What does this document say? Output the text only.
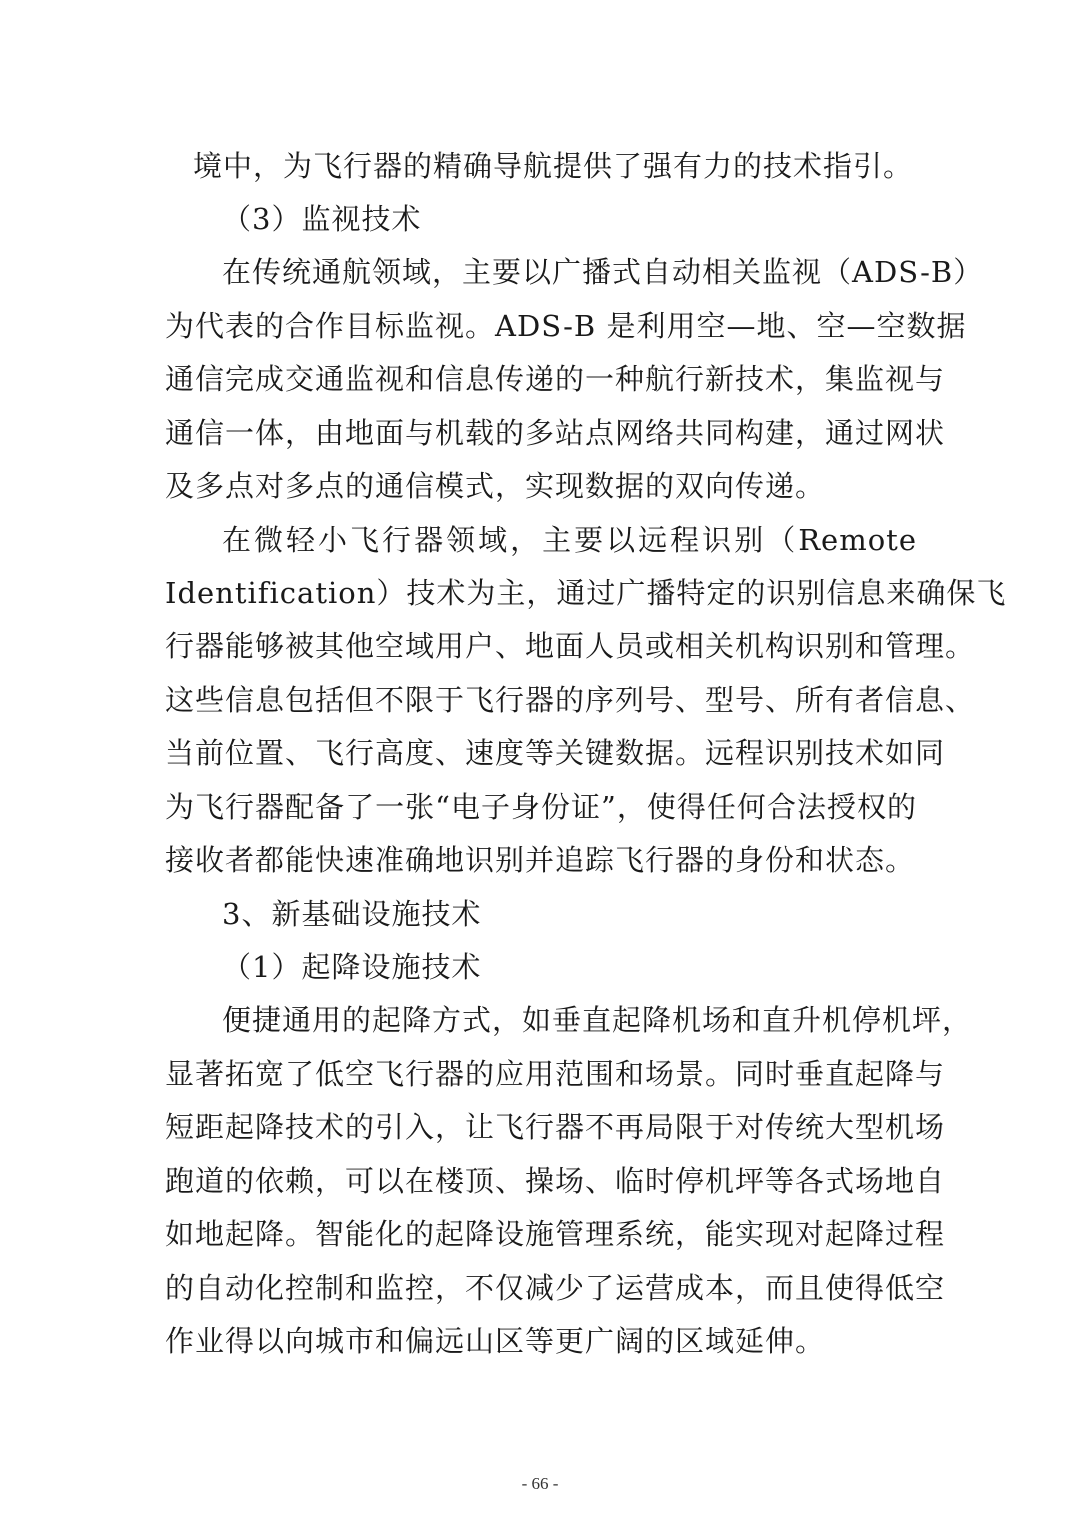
境中，为飞行器的精确导航提供了强有力的技术指引。
（3）监视技术
在传统通航领域，主要以广播式自动相关监视（ADS-B）
为代表的合作目标监视。ADS-B 是利用空—地、空—空数据
通信完成交通监视和信息传递的一种航行新技术，集监视与
通信一体，由地面与机载的多站点网络共同构建，通过网状
及多点对多点的通信模式，实现数据的双向传递。
在微轻小飞行器领域，主要以远程识别（Remote
Identification）技术为主，通过广播特定的识别信息来确保飞
行器能够被其他空域用户、地面人员或相关机构识别和管理。
这些信息包括但不限于飞行器的序列号、型号、所有者信息、
当前位置、飞行高度、速度等关键数据。远程识别技术如同
为飞行器配备了一张“电子身份证”，使得任何合法授权的
接收者都能快速准确地识别并追踪飞行器的身份和状态。
3、新基础设施技术
（1）起降设施技术
便捷通用的起降方式，如垂直起降机场和直升机停机坪，
显著拓宽了低空飞行器的应用范围和场景。同时垂直起降与
短距起降技术的引入，让飞行器不再局限于对传统大型机场
跑道的依赖，可以在楼顶、操场、临时停机坪等各式场地自
如地起降。智能化的起降设施管理系统，能实现对起降过程
的自动化控制和监控，不仅减少了运营成本，而且使得低空
作业得以向城市和偏远山区等更广阔的区域延伸。
- 66 -
